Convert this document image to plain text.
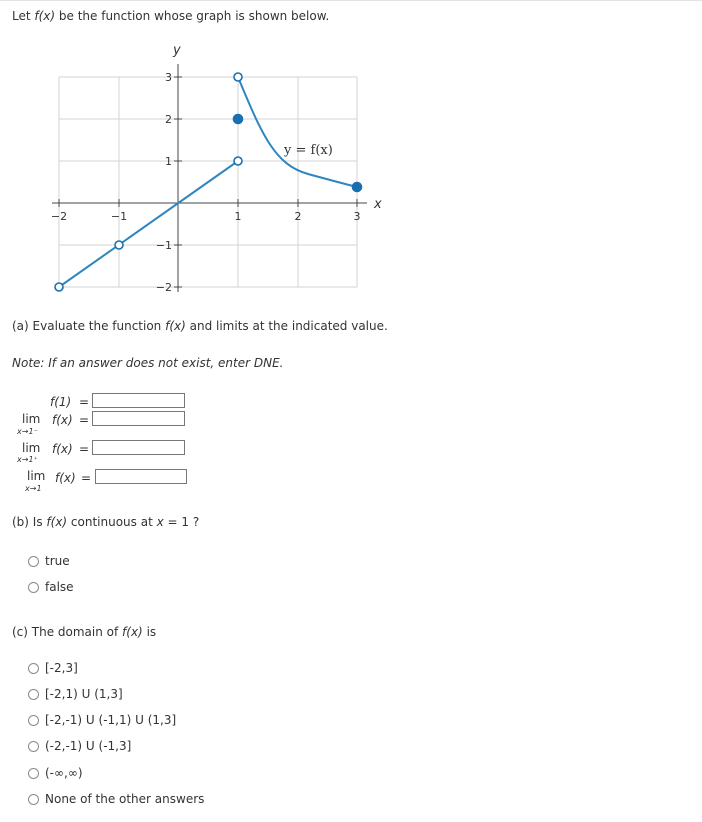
Let f(x) be the function whose graph is shown below.
y
x
−2	−1	1	2	3
3
2
1
−1
−2
y = f(x)
(a) Evaluate the function f(x) and limits at the indicated value.
Note: If an answer does not exist, enter DNE.
f(1) =
lim
x→1⁻
f(x) =
lim
x→1⁺
f(x) =
lim
x→1
f(x) =
(b) Is f(x) continuous at x = 1 ?
true
false
(c) The domain of f(x) is
[-2,3]
[-2,1) U (1,3]
[-2,-1) U (-1,1) U (1,3]
(-2,-1) U (-1,3]
(-∞,∞)
None of the other answers
